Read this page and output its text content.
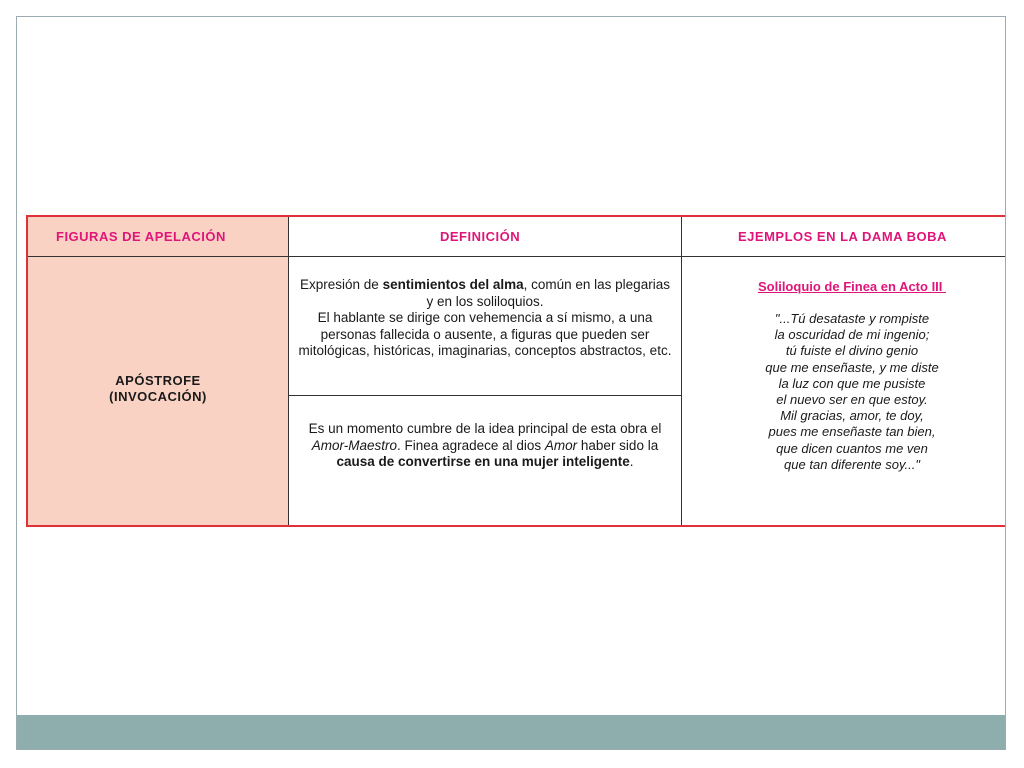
FIGURAS DE APELACIÓN	DEFINICIÓN	EJEMPLOS EN LA DAMA BOBA
APÓSTROFE
(INVOCACIÓN)
Expresión de sentimientos del alma, común en las plegarias y en los soliloquios.
El hablante se dirige con vehemencia a sí mismo, a una personas fallecida o ausente, a figuras que pueden ser mitológicas, históricas, imaginarias, conceptos abstractos, etc.
Es un momento cumbre de la idea principal de esta obra el Amor-Maestro. Finea agradece al dios Amor haber sido la causa de convertirse en una mujer inteligente.
Soliloquio de Finea en Acto III
"...Tú desataste y rompiste
la oscuridad de mi ingenio;
tú fuiste el divino genio
que me enseñaste, y me diste
la luz con que me pusiste
el nuevo ser en que estoy.
Mil gracias, amor, te doy,
pues me enseñaste tan bien,
que dicen cuantos me ven
que tan diferente soy..."
